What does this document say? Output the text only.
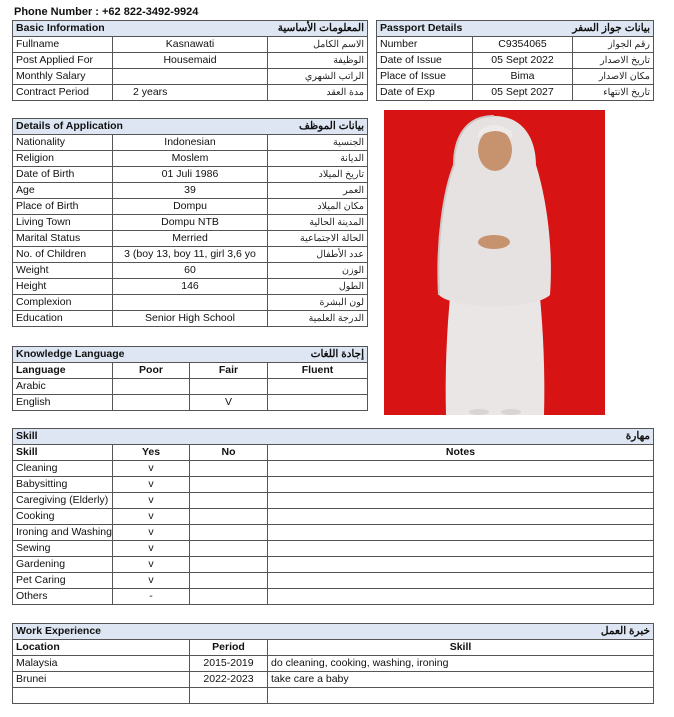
Phone Number : +62 822-3492-9924
Basic Information المعلومات الأساسية		

Fullname	Kasnawati	الاسم الكامل
Post Applied For	Housemaid	الوظيفة
Monthly Salary		الراتب الشهري
Contract Period	2 years	مدة العقد
Passport Details بيانات جواز السفر		

Number	C9354065	رقم الجواز
Date of Issue	05 Sept 2022	تاريخ الاصدار
Place of Issue	Bima	مكان الاصدار
Date of Exp	05 Sept 2027	تاريخ الانتهاء
Details of Application بيانات الموظف		

Nationality	Indonesian	الجنسية
Religion	Moslem	الديانة
Date of Birth	01 Juli 1986	تاريخ الميلاد
Age	39	العمر
Place of Birth	Dompu	مكان الميلاد
Living Town	Dompu NTB	المدينة الحالية
Marital Status	Merried	الحالة الاجتماعية
No. of Children	3 (boy 13, boy 11, girl 3,6 yo	عدد الأطفال
Weight	60	الوزن
Height	146	الطول
Complexion		لون البشرة
Education	Senior High School	الدرجة العلمية
Knowledge Language إجادة اللغات			

Language	Poor	Fair	Fluent
Arabic			
English		V	
Skill مهارة			

Skill	Yes	No	Notes
Cleaning	v		
Babysitting	v		
Caregiving (Elderly)	v		
Cooking	v		
Ironing and Washing	v		
Sewing	v		
Gardening	v		
Pet Caring	v		
Others	-		
Work Experience خبرة العمل		

Location	Period	Skill
Malaysia	2015-2019	do cleaning, cooking, washing, ironing
Brunei	2022-2023	take care a baby
